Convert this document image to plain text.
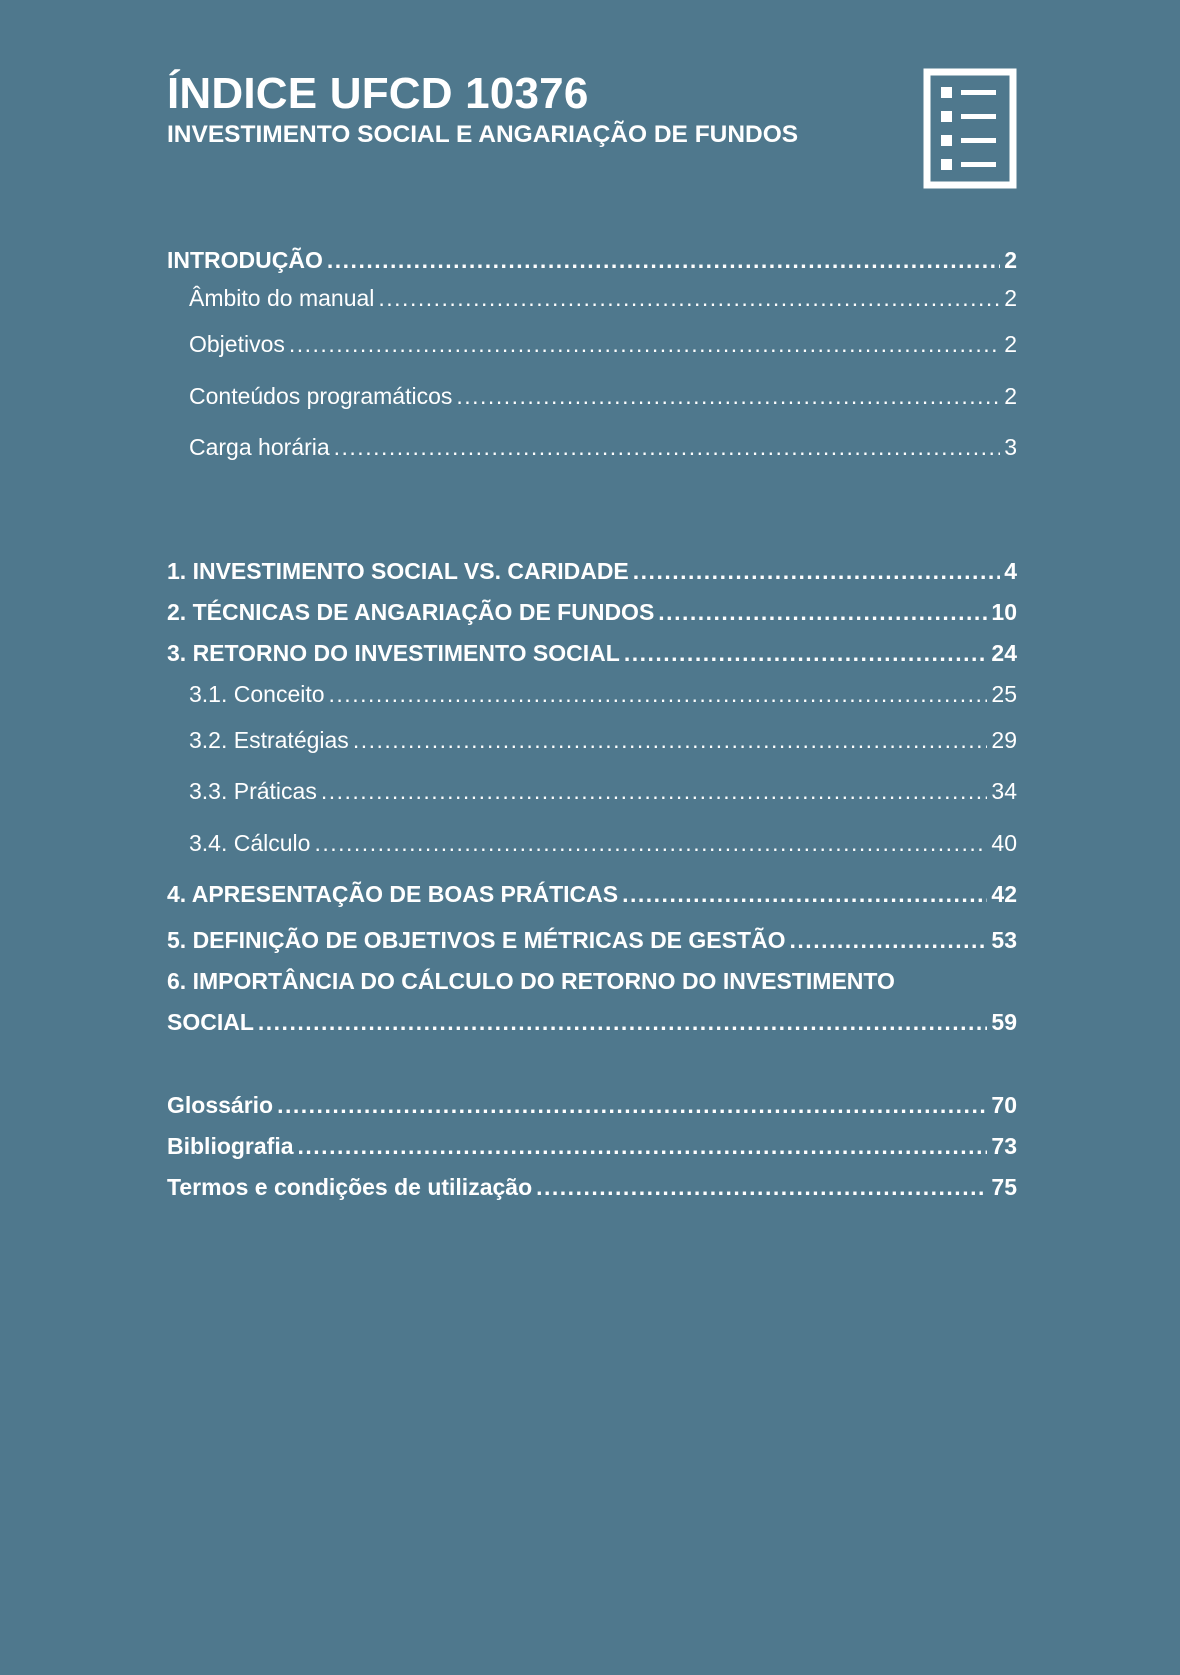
ÍNDICE UFCD 10376
INVESTIMENTO SOCIAL E ANGARIAÇÃO DE FUNDOS
INTRODUÇÃO .....	2
Âmbito do manual .....	2
Objetivos .....	2
Conteúdos programáticos .....	2
Carga horária .....	3
1. INVESTIMENTO SOCIAL VS. CARIDADE .....	4
2. TÉCNICAS DE ANGARIAÇÃO DE FUNDOS .....	10
3. RETORNO DO INVESTIMENTO SOCIAL .....	24
3.1. Conceito .....	25
3.2. Estratégias .....	29
3.3. Práticas .....	34
3.4. Cálculo .....	40
4. APRESENTAÇÃO DE BOAS PRÁTICAS .....	42
5. DEFINIÇÃO DE OBJETIVOS E MÉTRICAS DE GESTÃO .....	53
6. IMPORTÂNCIA DO CÁLCULO DO RETORNO DO INVESTIMENTO
SOCIAL .....	59
Glossário .....	70
Bibliografia .....	73
Termos e condições de utilização .....	75
